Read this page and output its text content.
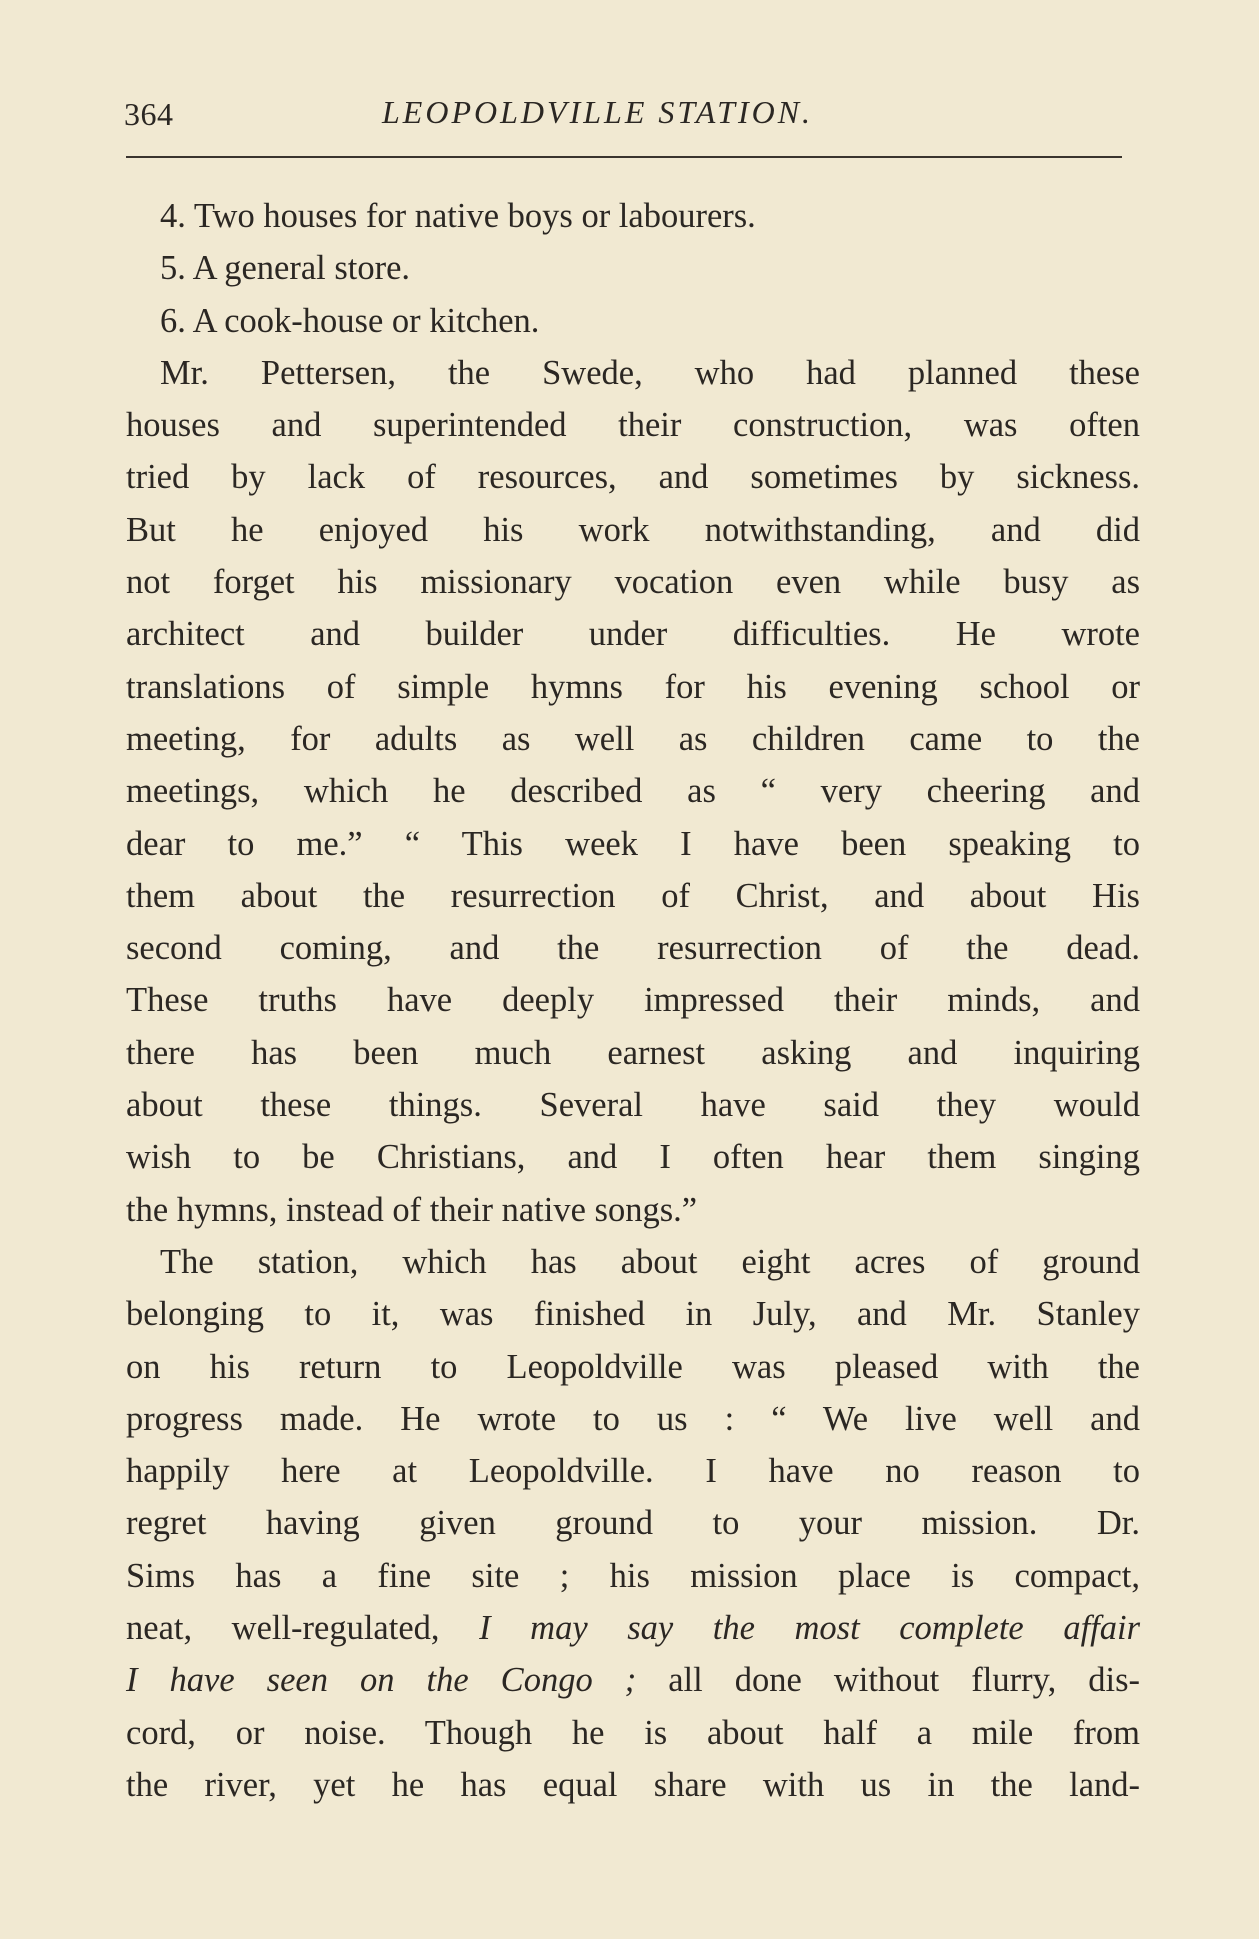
364	LEOPOLDVILLE STATION.
4. Two houses for native boys or labourers.
5. A general store.
6. A cook-house or kitchen.
Mr. Pettersen, the Swede, who had planned these
houses and superintended their construction, was often
tried by lack of resources, and sometimes by sickness.
But he enjoyed his work notwithstanding, and did
not forget his missionary vocation even while busy as
architect and builder under difficulties. He wrote
translations of simple hymns for his evening school or
meeting, for adults as well as children came to the
meetings, which he described as “ very cheering and
dear to me.” “ This week I have been speaking to
them about the resurrection of Christ, and about His
second coming, and the resurrection of the dead.
These truths have deeply impressed their minds, and
there has been much earnest asking and inquiring
about these things. Several have said they would
wish to be Christians, and I often hear them singing
the hymns, instead of their native songs.”
The station, which has about eight acres of ground
belonging to it, was finished in July, and Mr. Stanley
on his return to Leopoldville was pleased with the
progress made. He wrote to us : “ We live well and
happily here at Leopoldville. I have no reason to
regret having given ground to your mission. Dr.
Sims has a fine site ; his mission place is compact,
neat, well-regulated, I may say the most complete affair
I have seen on the Congo ; all done without flurry, dis-
cord, or noise. Though he is about half a mile from
the river, yet he has equal share with us in the land-
